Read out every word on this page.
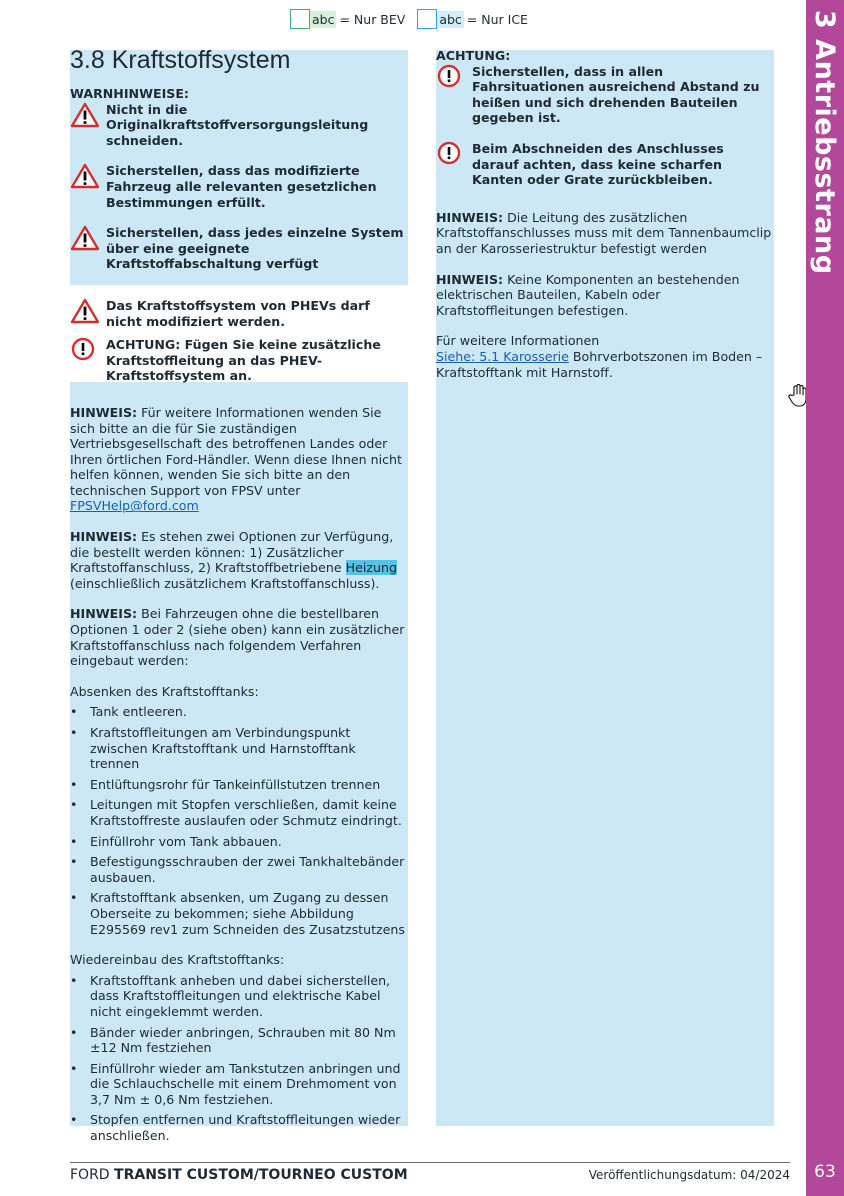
abc = Nur BEV	abc = Nur ICE
3.8 Kraftstoffsystem
WARNHINWEISE:
Nicht in die Originalkraftstoffversorgungsleitung schneiden.
Sicherstellen, dass das modifizierte Fahrzeug alle relevanten gesetzlichen Bestimmungen erfüllt.
Sicherstellen, dass jedes einzelne System über eine geeignete Kraftstoffabschaltung verfügt
Das Kraftstoffsystem von PHEVs darf nicht modifiziert werden.
ACHTUNG: Fügen Sie keine zusätzliche Kraftstoffleitung an das PHEV-Kraftstoffsystem an.
HINWEIS: Für weitere Informationen wenden Sie sich bitte an die für Sie zuständigen Vertriebsgesellschaft des betroffenen Landes oder Ihren örtlichen Ford-Händler. Wenn diese Ihnen nicht helfen können, wenden Sie sich bitte an den technischen Support von FPSV unter FPSVHelp@ford.com
HINWEIS: Es stehen zwei Optionen zur Verfügung, die bestellt werden können: 1) Zusätzlicher Kraftstoffanschluss, 2) Kraftstoffbetriebene Heizung (einschließlich zusätzlichem Kraftstoffanschluss).
HINWEIS: Bei Fahrzeugen ohne die bestellbaren Optionen 1 oder 2 (siehe oben) kann ein zusätzlicher Kraftstoffanschluss nach folgendem Verfahren eingebaut werden:
Absenken des Kraftstofftanks:
• Tank entleeren.
• Kraftstoffleitungen am Verbindungspunkt zwischen Kraftstofftank und Harnstofftank trennen
• Entlüftungsrohr für Tankeinfüllstutzen trennen
• Leitungen mit Stopfen verschließen, damit keine Kraftstoffreste auslaufen oder Schmutz eindringt.
• Einfüllrohr vom Tank abbauen.
• Befestigungsschrauben der zwei Tankhaltebänder ausbauen.
• Kraftstofftank absenken, um Zugang zu dessen Oberseite zu bekommen; siehe Abbildung E295569 rev1 zum Schneiden des Zusatzstutzens
Wiedereinbau des Kraftstofftanks:
• Kraftstofftank anheben und dabei sicherstellen, dass Kraftstoffleitungen und elektrische Kabel nicht eingeklemmt werden.
• Bänder wieder anbringen, Schrauben mit 80 Nm ±12 Nm festziehen
• Einfüllrohr wieder am Tankstutzen anbringen und die Schlauchschelle mit einem Drehmoment von 3,7 Nm ± 0,6 Nm festziehen.
• Stopfen entfernen und Kraftstoffleitungen wieder anschließen.
ACHTUNG:
Sicherstellen, dass in allen Fahrsituationen ausreichend Abstand zu heißen und sich drehenden Bauteilen gegeben ist.
Beim Abschneiden des Anschlusses darauf achten, dass keine scharfen Kanten oder Grate zurückbleiben.
HINWEIS: Die Leitung des zusätzlichen Kraftstoffanschlusses muss mit dem Tannenbaumclip an der Karosseriestruktur befestigt werden
HINWEIS: Keine Komponenten an bestehenden elektrischen Bauteilen, Kabeln oder Kraftstoffleitungen befestigen.
Für weitere Informationen
Siehe: 5.1 Karosserie Bohrverbotszonen im Boden – Kraftstofftank mit Harnstoff.
3 Antriebsstrang
63
FORD TRANSIT CUSTOM/TOURNEO CUSTOM	Veröffentlichungsdatum: 04/2024
